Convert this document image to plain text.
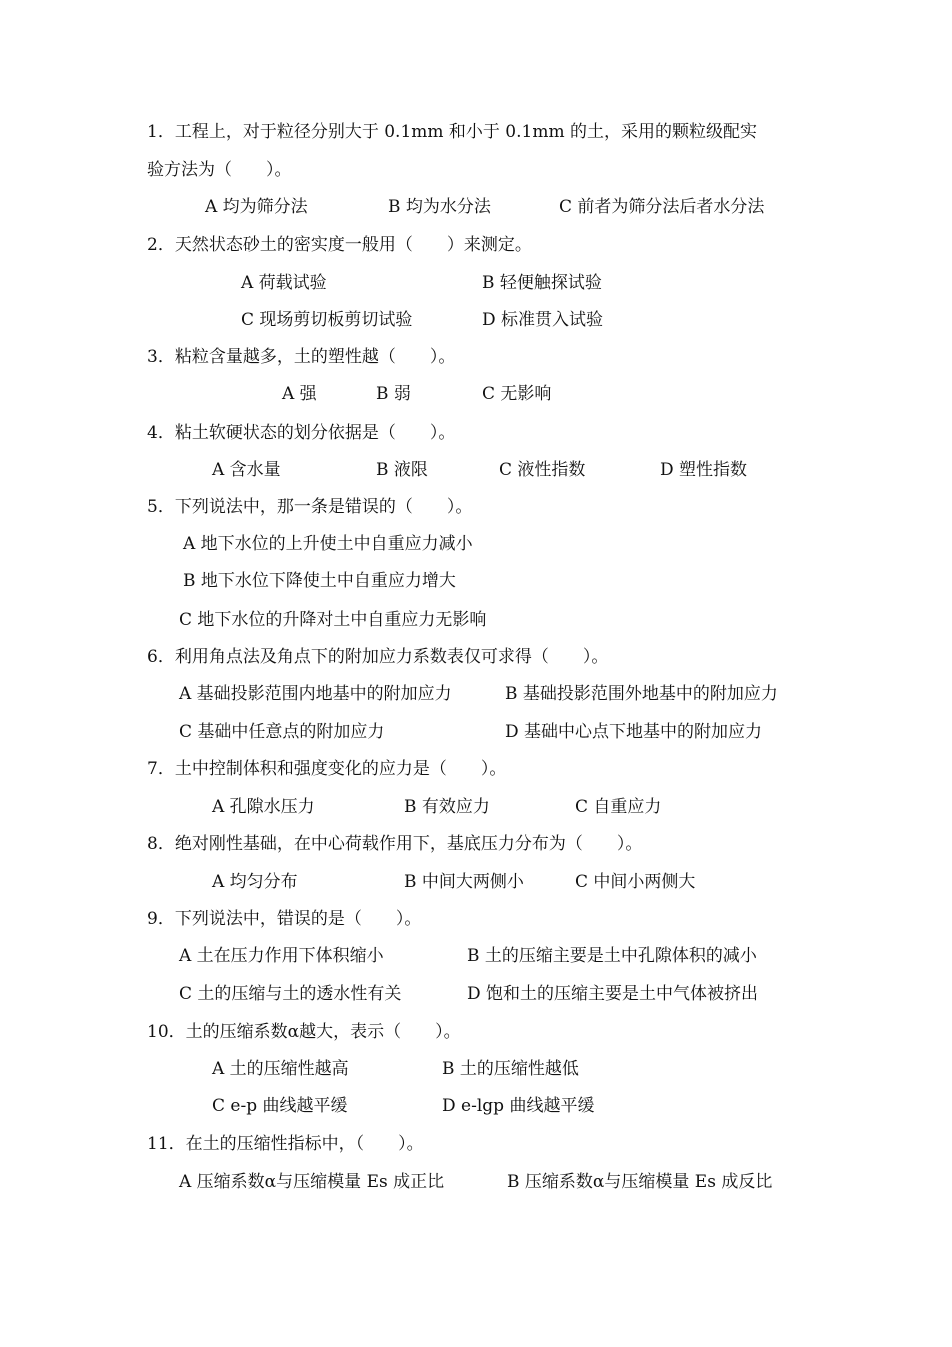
1．工程上，对于粒径分别大于 0.1mm 和小于 0.1mm 的土，采用的颗粒级配实
验方法为（　　）。
A 均为筛分法	B 均为水分法	C 前者为筛分法后者水分法
2．天然状态砂土的密实度一般用（　　）来测定。
A 荷载试验	B 轻便触探试验
C 现场剪切板剪切试验	D 标准贯入试验
3．粘粒含量越多，土的塑性越（　　）。
A 强	B 弱	C 无影响
4．粘土软硬状态的划分依据是（　　）。
A 含水量	B 液限	C 液性指数	D 塑性指数
5．下列说法中，那一条是错误的（　　）。
A 地下水位的上升使土中自重应力减小
B 地下水位下降使土中自重应力增大
C 地下水位的升降对土中自重应力无影响
6．利用角点法及角点下的附加应力系数表仅可求得（　　）。
A 基础投影范围内地基中的附加应力	B 基础投影范围外地基中的附加应力
C 基础中任意点的附加应力	D 基础中心点下地基中的附加应力
7．土中控制体积和强度变化的应力是（　　）。
A 孔隙水压力	B 有效应力	C 自重应力
8．绝对刚性基础，在中心荷载作用下，基底压力分布为（　　）。
A 均匀分布	B 中间大两侧小	C 中间小两侧大
9．下列说法中，错误的是（　　）。
A 土在压力作用下体积缩小	B 土的压缩主要是土中孔隙体积的减小
C 土的压缩与土的透水性有关	D 饱和土的压缩主要是土中气体被挤出
10．土的压缩系数α越大，表示（　　）。
A 土的压缩性越高	B 土的压缩性越低
C e-p 曲线越平缓	D e-lgp 曲线越平缓
11．在土的压缩性指标中，（　　）。
A 压缩系数α与压缩模量 Es 成正比	B 压缩系数α与压缩模量 Es 成反比
